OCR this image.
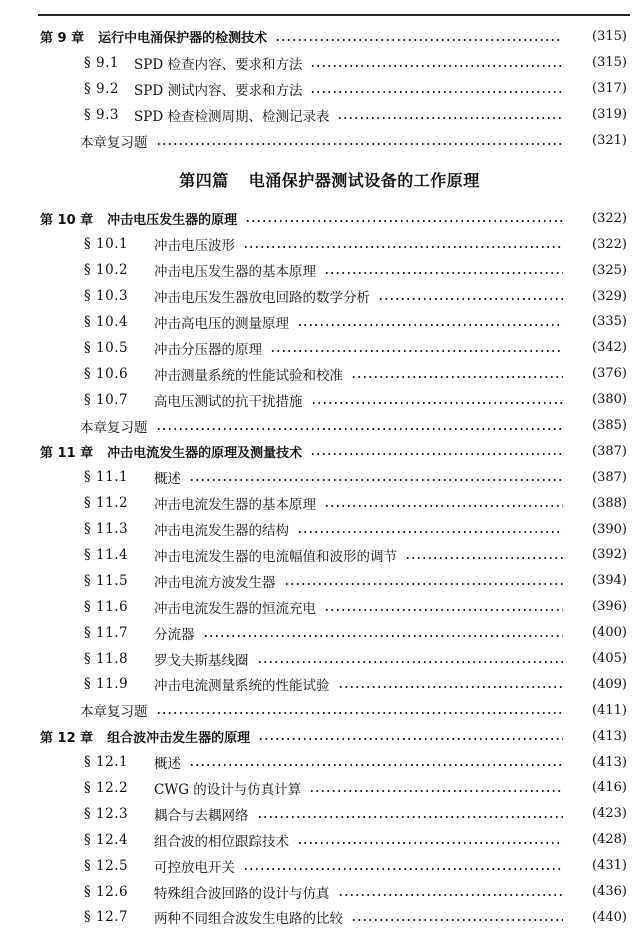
第 9 章 运行中电涌保护器的检测技术	(315)
§ 9.1	SPD 检查内容、要求和方法	(315)
§ 9.2	SPD 测试内容、要求和方法	(317)
§ 9.3	SPD 检查检测周期、检测记录表	(319)
本章复习题	(321)
第四篇 电涌保护器测试设备的工作原理
第 10 章 冲击电压发生器的原理	(322)
§ 10.1	冲击电压波形	(322)
§ 10.2	冲击电压发生器的基本原理	(325)
§ 10.3	冲击电压发生器放电回路的数学分析	(329)
§ 10.4	冲击高电压的测量原理	(335)
§ 10.5	冲击分压器的原理	(342)
§ 10.6	冲击测量系统的性能试验和校准	(376)
§ 10.7	高电压测试的抗干扰措施	(380)
本章复习题	(385)
第 11 章 冲击电流发生器的原理及测量技术	(387)
§ 11.1	概述	(387)
§ 11.2	冲击电流发生器的基本原理	(388)
§ 11.3	冲击电流发生器的结构	(390)
§ 11.4	冲击电流发生器的电流幅值和波形的调节	(392)
§ 11.5	冲击电流方波发生器	(394)
§ 11.6	冲击电流发生器的恒流充电	(396)
§ 11.7	分流器	(400)
§ 11.8	罗戈夫斯基线圈	(405)
§ 11.9	冲击电流测量系统的性能试验	(409)
本章复习题	(411)
第 12 章 组合波冲击发生器的原理	(413)
§ 12.1	概述	(413)
§ 12.2	CWG 的设计与仿真计算	(416)
§ 12.3	耦合与去耦网络	(423)
§ 12.4	组合波的相位跟踪技术	(428)
§ 12.5	可控放电开关	(431)
§ 12.6	特殊组合波回路的设计与仿真	(436)
§ 12.7	两种不同组合波发生电路的比较	(440)
